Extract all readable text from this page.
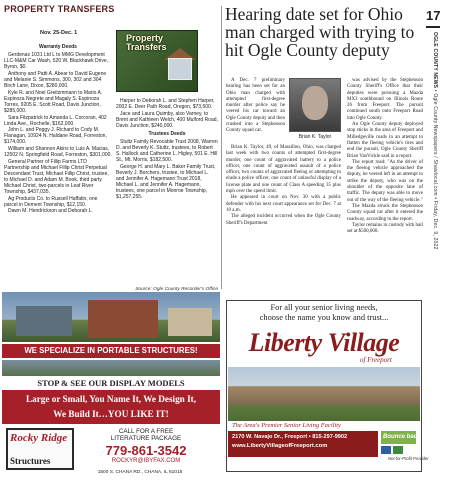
PROPERTY TRANSFERS
Nov. 25-Dec. 1

Warranty Deeds

Gerdenas 1031 Ltd L to MMG Development LLC-M&M Car Wash, 520 W. Blackhawk Drive, Byron, $0.

Anthony and Patti A. Abear to David Eugene and Melanie S. Simmons, 300, 302 and 304 Birch Lane, Dixon, $280,000.

Kyle R. and Noel Greitzmmann to Mario A. Espinoza Negrete and Magaly S. Espinoza Torres, 9205 E. Scott Road, Davis Junction, $285,000.

Sara Fitzpatrick to Amanda L. Corcoran, 402 Linda Ave., Rochelle, $162,000.

John L. and Peggy J. Richard to Cody M. Flanagan, 10924 N. Haldane Road, Forreston, $174,000.

William and Shannon Akins to Luis A. Macias, 12502 N. Springfield Road, Forreston, $301,000.

General Partner of Fillip Farms LTD Partnership and Michael Fillip Christ Perpetual Descendant Trust, Michael Fillip Christ, trustee, to Michael D. and Adam M. Book, third party Michael Christ, two-parcels in Leaf River Township, $437,035.

Ag Products Co. to Russell Haffatin, one parcel in Dement Township, $12,150.

Dawn M. Hendrickson and Deborah L.

Property
Transfers

Harper to Deborah L. and Stephen Harper, 2002 E. Deer Path Road, Oregon, $73,500.

Jace and Laura Quimby, also Varney, to Brent and Kathleen Welch, 400 Mulford Road, Davis Junction, $240,000.

Trustees Deeds

Stultz Family Revocable Trust 2008, Warren D. and Beverly K. Stultz, trustees, to Robert S. Hallock and Catherine L. Higley, 501 E. Hill St., Mt. Morris, $182,500.

George H. and Mary L. Baker Family Trust, Beverly J. Borchers, trustee, to Michael L. and Jennifer A. Hagemann Trust 2018, Michael L. and Jennifer A. Hagemann, trustees, one parcel in Monroe Township, $1,257,255.

Source: Ogle County Recorder's Office
Hearing date set for Ohio man charged with trying to hit Ogle County deputy

A Dec. 7 preliminary hearing has been set for an Ohio man charged with attempted first-degree murder after police say he veered his car toward an Ogle County deputy and then crashed into a Stephenson County squad car.

Brian K. Taylor, 49, of Massillon, Ohio, was charged last week with two counts of attempted first-degree murder, one count of aggravated battery to a police officer, one count of aggravated assault of a police officer, two counts of aggravated fleeing or attempting to elude a police officer, one count of unlawful display of a license plate and one count of Class A speeding 35 plus mph over the speed limit.

He appeared in court on Nov. 30 with a public defender with his next court appearance set for Dec. 7 at 10 a.m.

The alleged incident occurred when the Ogle County Sheriff's Department

Brian K. Taylor

was advised by the Stephenson County Sheriff's Office that their deputies were pursuing a Mazda MX3 southbound on Illinois Route 26 from Freeport. The pursuit continued south onto Freeport Road into Ogle County.

An Ogle County deputy deployed stop sticks in the area of Freeport and Milledgeville roads in an attempt to flatten the fleeing vehicle's tires and end the pursuit, Ogle County Sheriff Brian VanVickle said in a report.

The report read: "As the driver of the fleeing vehicle approached the deputy, he veered left in an attempt to strike the deputy, who was on the shoulder of the opposite lane of traffic. The deputy was able to move out of the way of the fleeing vehicle."

The Mazda struck the Stephenson County squad car after it entered the roadway, according to the report.

Taylor remains in custody with bail set at $500,000.

17
OGLE COUNTY NEWS • Ogle County Newspapers / Shawlocal.com • Friday, Dec. 9, 2022
WE SPECIALIZE IN PORTABLE STRUCTURES!
STOP & SEE OUR DISPLAY MODELS
Large or Small, You Name It, We Design It,
We Build It…YOU LIKE IT!
Rocky Ridge
Structures
CALL FOR A FREE
LITERATURE PACKAGE
779-861-3542
ROCKYR@IBYFAX.COM
1500 S. CHANA RD., CHANA, IL 61015
For all your senior living needs,
choose the name you know and trust...
Liberty Village
of Freeport
The Area's Premier Senior Living Facility
2170 W. Navajo Dr., Freeport • 815-297-9902
www.LibertyVillageofFreeport.com
Bounce back
Not-for-Profit Provider
